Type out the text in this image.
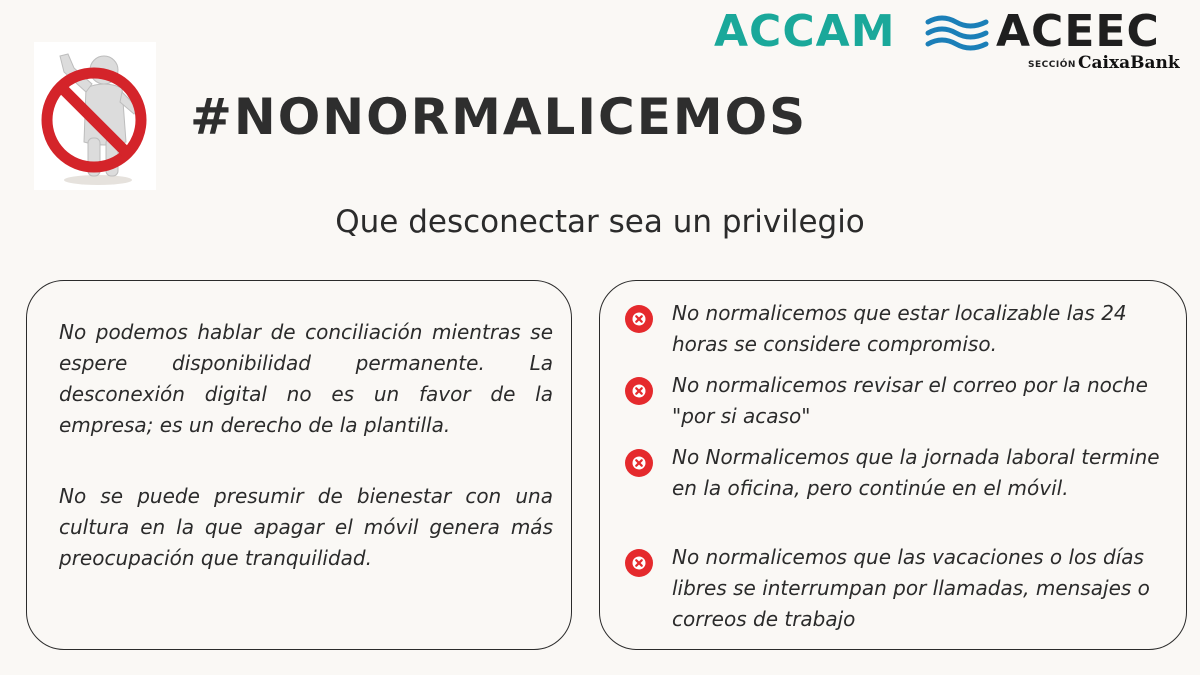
ACCAM ACEEC
SECCIÓN CaixaBank
#NONORMALICEMOS
Que desconectar sea un privilegio
No podemos hablar de conciliación mientras se espere disponibilidad permanente. La desconexión digital no es un favor de la empresa; es un derecho de la plantilla.
No se puede presumir de bienestar con una cultura en la que apagar el móvil genera más preocupación que tranquilidad.
No normalicemos que estar localizable las 24 horas se considere compromiso.
No normalicemos revisar el correo por la noche "por si acaso"
No Normalicemos que la jornada laboral termine en la oficina, pero continúe en el móvil.
No normalicemos que las vacaciones o los días libres se interrumpan por llamadas, mensajes o correos de trabajo
